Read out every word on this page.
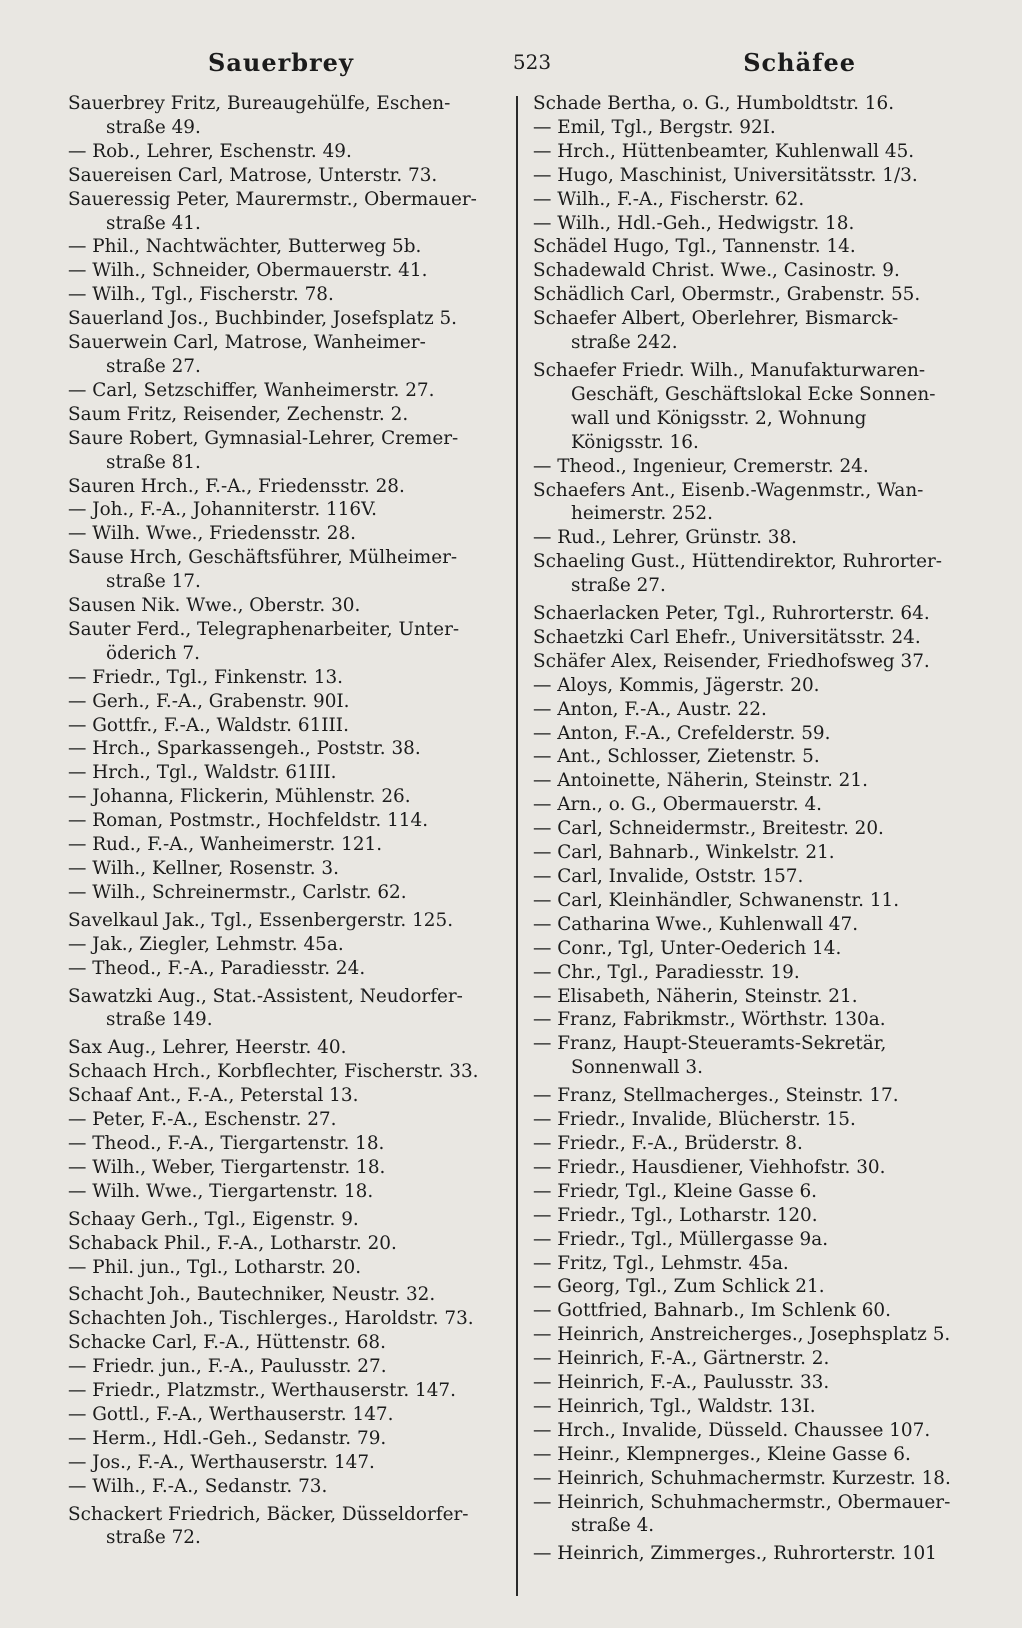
Sauerbrey	523	Schäfee
Sauerbrey Fritz, Bureaugehülfe, Eschen-
straße 49.
— Rob., Lehrer, Eschenstr. 49.
Sauereisen Carl, Matrose, Unterstr. 73.
Saueressig Peter, Maurermstr., Obermauer-
straße 41.
— Phil., Nachtwächter, Butterweg 5b.
— Wilh., Schneider, Obermauerstr. 41.
— Wilh., Tgl., Fischerstr. 78.
Sauerland Jos., Buchbinder, Josefsplatz 5.
Sauerwein Carl, Matrose, Wanheimer-
straße 27.
— Carl, Setzschiffer, Wanheimerstr. 27.
Saum Fritz, Reisender, Zechenstr. 2.
Saure Robert, Gymnasial-Lehrer, Cremer-
straße 81.
Sauren Hrch., F.-A., Friedensstr. 28.
— Joh., F.-A., Johanniterstr. 116V.
— Wilh. Wwe., Friedensstr. 28.
Sause Hrch, Geschäftsführer, Mülheimer-
straße 17.
Sausen Nik. Wwe., Oberstr. 30.
Sauter Ferd., Telegraphenarbeiter, Unter-
öderich 7.
— Friedr., Tgl., Finkenstr. 13.
— Gerh., F.-A., Grabenstr. 90I.
— Gottfr., F.-A., Waldstr. 61III.
— Hrch., Sparkassengeh., Poststr. 38.
— Hrch., Tgl., Waldstr. 61III.
— Johanna, Flickerin, Mühlenstr. 26.
— Roman, Postmstr., Hochfeldstr. 114.
— Rud., F.-A., Wanheimerstr. 121.
— Wilh., Kellner, Rosenstr. 3.
— Wilh., Schreinermstr., Carlstr. 62.
Savelkaul Jak., Tgl., Essenbergerstr. 125.
— Jak., Ziegler, Lehmstr. 45a.
— Theod., F.-A., Paradiesstr. 24.
Sawatzki Aug., Stat.-Assistent, Neudorfer-
straße 149.
Sax Aug., Lehrer, Heerstr. 40.
Schaach Hrch., Korbflechter, Fischerstr. 33.
Schaaf Ant., F.-A., Peterstal 13.
— Peter, F.-A., Eschenstr. 27.
— Theod., F.-A., Tiergartenstr. 18.
— Wilh., Weber, Tiergartenstr. 18.
— Wilh. Wwe., Tiergartenstr. 18.
Schaay Gerh., Tgl., Eigenstr. 9.
Schaback Phil., F.-A., Lotharstr. 20.
— Phil. jun., Tgl., Lotharstr. 20.
Schacht Joh., Bautechniker, Neustr. 32.
Schachten Joh., Tischlerges., Haroldstr. 73.
Schacke Carl, F.-A., Hüttenstr. 68.
— Friedr. jun., F.-A., Paulusstr. 27.
— Friedr., Platzmstr., Werthauserstr. 147.
— Gottl., F.-A., Werthauserstr. 147.
— Herm., Hdl.-Geh., Sedanstr. 79.
— Jos., F.-A., Werthauserstr. 147.
— Wilh., F.-A., Sedanstr. 73.
Schackert Friedrich, Bäcker, Düsseldorfer-
straße 72.
Schade Bertha, o. G., Humboldtstr. 16.
— Emil, Tgl., Bergstr. 92I.
— Hrch., Hüttenbeamter, Kuhlenwall 45.
— Hugo, Maschinist, Universitätsstr. 1/3.
— Wilh., F.-A., Fischerstr. 62.
— Wilh., Hdl.-Geh., Hedwigstr. 18.
Schädel Hugo, Tgl., Tannenstr. 14.
Schadewald Christ. Wwe., Casinostr. 9.
Schädlich Carl, Obermstr., Grabenstr. 55.
Schaefer Albert, Oberlehrer, Bismarck-
straße 242.
Schaefer Friedr. Wilh., Manufakturwaren-
Geschäft, Geschäftslokal Ecke Sonnen-
wall und Königsstr. 2, Wohnung
Königsstr. 16.
— Theod., Ingenieur, Cremerstr. 24.
Schaefers Ant., Eisenb.-Wagenmstr., Wan-
heimerstr. 252.
— Rud., Lehrer, Grünstr. 38.
Schaeling Gust., Hüttendirektor, Ruhrorter-
straße 27.
Schaerlacken Peter, Tgl., Ruhrorterstr. 64.
Schaetzki Carl Ehefr., Universitätsstr. 24.
Schäfer Alex, Reisender, Friedhofsweg 37.
— Aloys, Kommis, Jägerstr. 20.
— Anton, F.-A., Austr. 22.
— Anton, F.-A., Crefelderstr. 59.
— Ant., Schlosser, Zietenstr. 5.
— Antoinette, Näherin, Steinstr. 21.
— Arn., o. G., Obermauerstr. 4.
— Carl, Schneidermstr., Breitestr. 20.
— Carl, Bahnarb., Winkelstr. 21.
— Carl, Invalide, Oststr. 157.
— Carl, Kleinhändler, Schwanenstr. 11.
— Catharina Wwe., Kuhlenwall 47.
— Conr., Tgl, Unter-Oederich 14.
— Chr., Tgl., Paradiesstr. 19.
— Elisabeth, Näherin, Steinstr. 21.
— Franz, Fabrikmstr., Wörthstr. 130a.
— Franz, Haupt-Steueramts-Sekretär,
Sonnenwall 3.
— Franz, Stellmacherges., Steinstr. 17.
— Friedr., Invalide, Blücherstr. 15.
— Friedr., F.-A., Brüderstr. 8.
— Friedr., Hausdiener, Viehhofstr. 30.
— Friedr, Tgl., Kleine Gasse 6.
— Friedr., Tgl., Lotharstr. 120.
— Friedr., Tgl., Müllergasse 9a.
— Fritz, Tgl., Lehmstr. 45a.
— Georg, Tgl., Zum Schlick 21.
— Gottfried, Bahnarb., Im Schlenk 60.
— Heinrich, Anstreicherges., Josephsplatz 5.
— Heinrich, F.-A., Gärtnerstr. 2.
— Heinrich, F.-A., Paulusstr. 33.
— Heinrich, Tgl., Waldstr. 13I.
— Hrch., Invalide, Düsseld. Chaussee 107.
— Heinr., Klempnerges., Kleine Gasse 6.
— Heinrich, Schuhmachermstr. Kurzestr. 18.
— Heinrich, Schuhmachermstr., Obermauer-
straße 4.
— Heinrich, Zimmerges., Ruhrorterstr. 101
